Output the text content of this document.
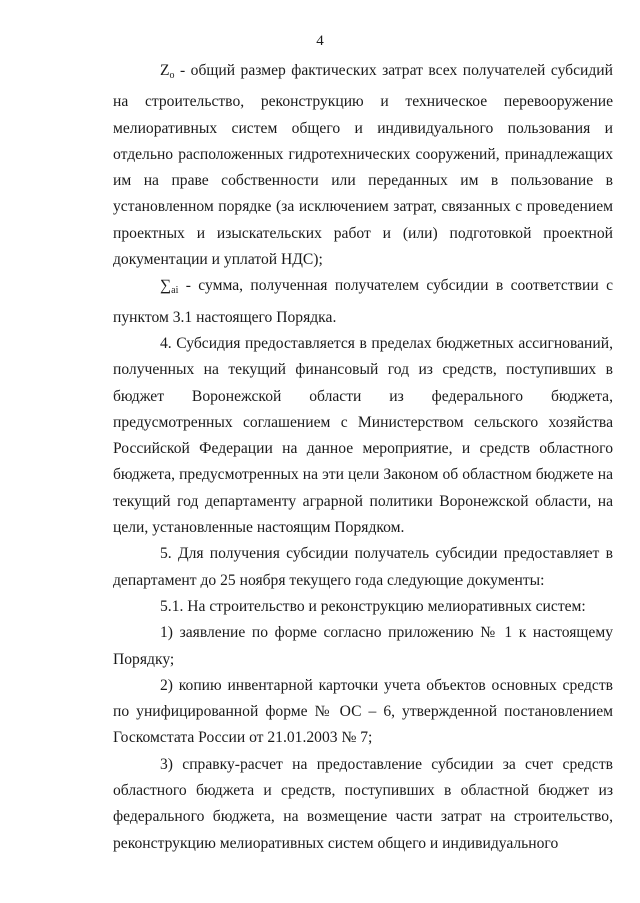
4

$Z_о$ - общий размер фактических затрат всех получателей субсидий на строительство, реконструкцию и техническое перевооружение мелиоративных систем общего и индивидуального пользования и отдельно расположенных гидротехнических сооружений, принадлежащих им на праве собственности или переданных им в пользование в установленном порядке (за исключением затрат, связанных с проведением проектных и изыскательских работ и (или) подготовкой проектной документации и уплатой НДС);

$\sum_{ai}$ - сумма, полученная получателем субсидии в соответствии с пунктом 3.1 настоящего Порядка.

4. Субсидия предоставляется в пределах бюджетных ассигнований, полученных на текущий финансовый год из средств, поступивших в бюджет Воронежской области из федерального бюджета, предусмотренных соглашением с Министерством сельского хозяйства Российской Федерации на данное мероприятие, и средств областного бюджета, предусмотренных на эти цели Законом об областном бюджете на текущий год департаменту аграрной политики Воронежской области, на цели, установленные настоящим Порядком.

5. Для получения субсидии получатель субсидии предоставляет в департамент до 25 ноября текущего года следующие документы:

5.1. На строительство и реконструкцию мелиоративных систем:

1) заявление по форме согласно приложению № 1 к настоящему Порядку;

2) копию инвентарной карточки учета объектов основных средств по унифицированной форме № ОС – 6, утвержденной постановлением Госкомстата России от 21.01.2003 № 7;

3) справку-расчет на предоставление субсидии за счет средств областного бюджета и средств, поступивших в областной бюджет из федерального бюджета, на возмещение части затрат на строительство, реконструкцию мелиоративных систем общего и индивидуального
